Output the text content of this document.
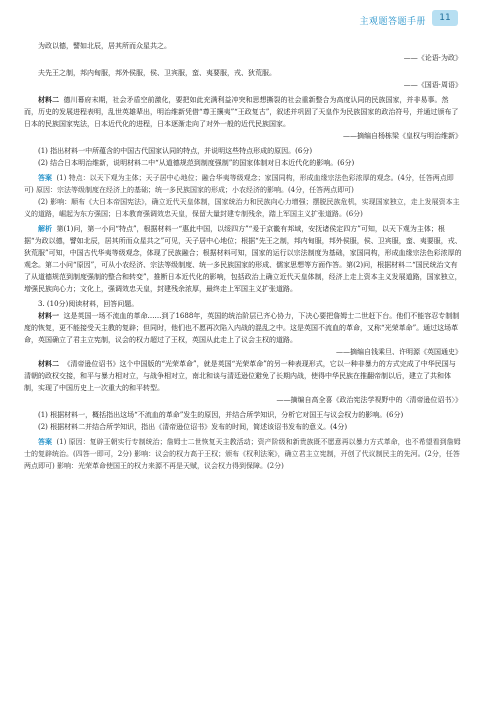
主观题答题手册	11

为政以德，譬如北辰，居其所而众星共之。

——《论语·为政》

夫先王之制，邦内甸服，邦外侯服，侯、卫宾服，蛮、夷要服，戎、狄荒服。

——《国语·周语》

材料二 德川幕府末期，社会矛盾空前激化，要把如此充满利益冲突和思想撕裂的社会重新整合为高度认同的民族国家，并非易事。然而，历史的发展进程表明，乱世英雄辈出，明治维新凭借“尊王攘夷”“王政复古”，叙述并巩固了天皇作为民族国家的政治符号，并通过颁布了日本的民族国家宪法，日本近代化的进程，日本逐渐走向了对外一般的近代民族国家。

——摘编自杨栋梁《皇权与明治维新》

(1) 指出材料一中所蕴含的中国古代国家认同的特点，并说明这些特点形成的原因。(6分)

(2) 结合日本明治维新，说明材料二中“从道德规范到制度强制”的国家体制对日本近代化的影响。(6分)

答案 (1) 特点：以天下观为主体；天子居中心地位；融合华夷等级观念；家国同构，形成血缘宗法色彩浓厚的观念。(4分，任答两点即可) 原因：宗法等级制度在经济上的基础；统一多民族国家的形成；小农经济的影响。(4分，任答两点即可)

(2) 影响：顺布《大日本帝国宪法》，确立近代天皇体制，国家统治力和民族向心力增强；摆脱民族危机，实现国家独立，走上发展资本主义的道路，崛起为东方强国；日本教育强调效忠天皇，保留大量封建专制残余，踏上军国主义扩张道路。(6分)

解析 第(1)问，第一小问“特点”，根据材料一“惠此中国，以绥四方”“爰于京畿有邦域，安抚诸侯定四方”可知，以天下观为主体；根据“为政以德，譬如北辰，居其所而众星共之”可见，天子居中心地位；根据“先王之制，邦内甸服，邦外侯服，侯、卫宾服，蛮、夷要服，戎、狄荒服”可知，中国古代华夷等级观念，体现了民族融合；根据材料可知，国家的运行以宗法制度为基础，家国同构，形成血缘宗法色彩浓厚的观念。第二小问“原因”，可从小农经济、宗法等级制度、统一多民族国家的形成、儒家思想等方面作答。第(2)问，根据材料二“国民统治文有了从道德规范到制度强制的整合和转变”，推断日本近代化的影响，包括政治上确立近代天皇体制，经济上走上资本主义发展道路，国家独立，增强民族向心力；文化上，强调效忠天皇，封建残余浓厚，最终走上军国主义扩张道路。

3. (10分)阅读材料，回答问题。

材料一 这是英国一场不流血的革命……到了1688年，英国的统治阶层已齐心协力，下决心要把詹姆士二世赶下台。他们不能容忍专制制度的恢复，更不能接受天主教的复辟；但同时，他们也不愿再次陷入内战的混乱之中。这是英国不流血的革命，又称“光荣革命”。通过这场革命，英国确立了君主立宪制，议会的权力超过了王权，英国从此走上了议会主权的道路。

——摘编自钱乘旦、许明源《英国通史》

材料二 《清帝逊位诏书》这个中国版的“光荣革命”，就是英国“光荣革命”的另一种表现形式，它以一种非暴力的方式完成了中华民国与清朝的政权交接，和平与暴力相对立，与战争相对立，南北和谈与清廷逊位避免了长期内战，使得中华民族在推翻帝制以后，建立了共和体制，实现了中国历史上一次重大的和平转型。

——摘编自高全喜《政治宪法学视野中的〈清帝逊位诏书〉》

(1) 根据材料一，概括指出这场“不流血的革命”发生的原因，并结合所学知识，分析它对国王与议会权力的影响。(6分)

(2) 根据材料二并结合所学知识，指出《清帝逊位诏书》发布的时间，简述该诏书发布的意义。(4分)

答案 (1) 原因：复辟王朝实行专制统治；詹姆士二世恢复天主教活动；资产阶级和新贵族既不愿意再以暴力方式革命，也不希望看到詹姆士的复辟统治。(四答一即可，2分) 影响：议会的权力高于王权；颁布《权利法案》，确立君主立宪制，开创了代议制民主的先河。(2分，任答两点即可) 影响：光荣革命使国王的权力来源不再是天赋，议会权力得到保障。(2分)
